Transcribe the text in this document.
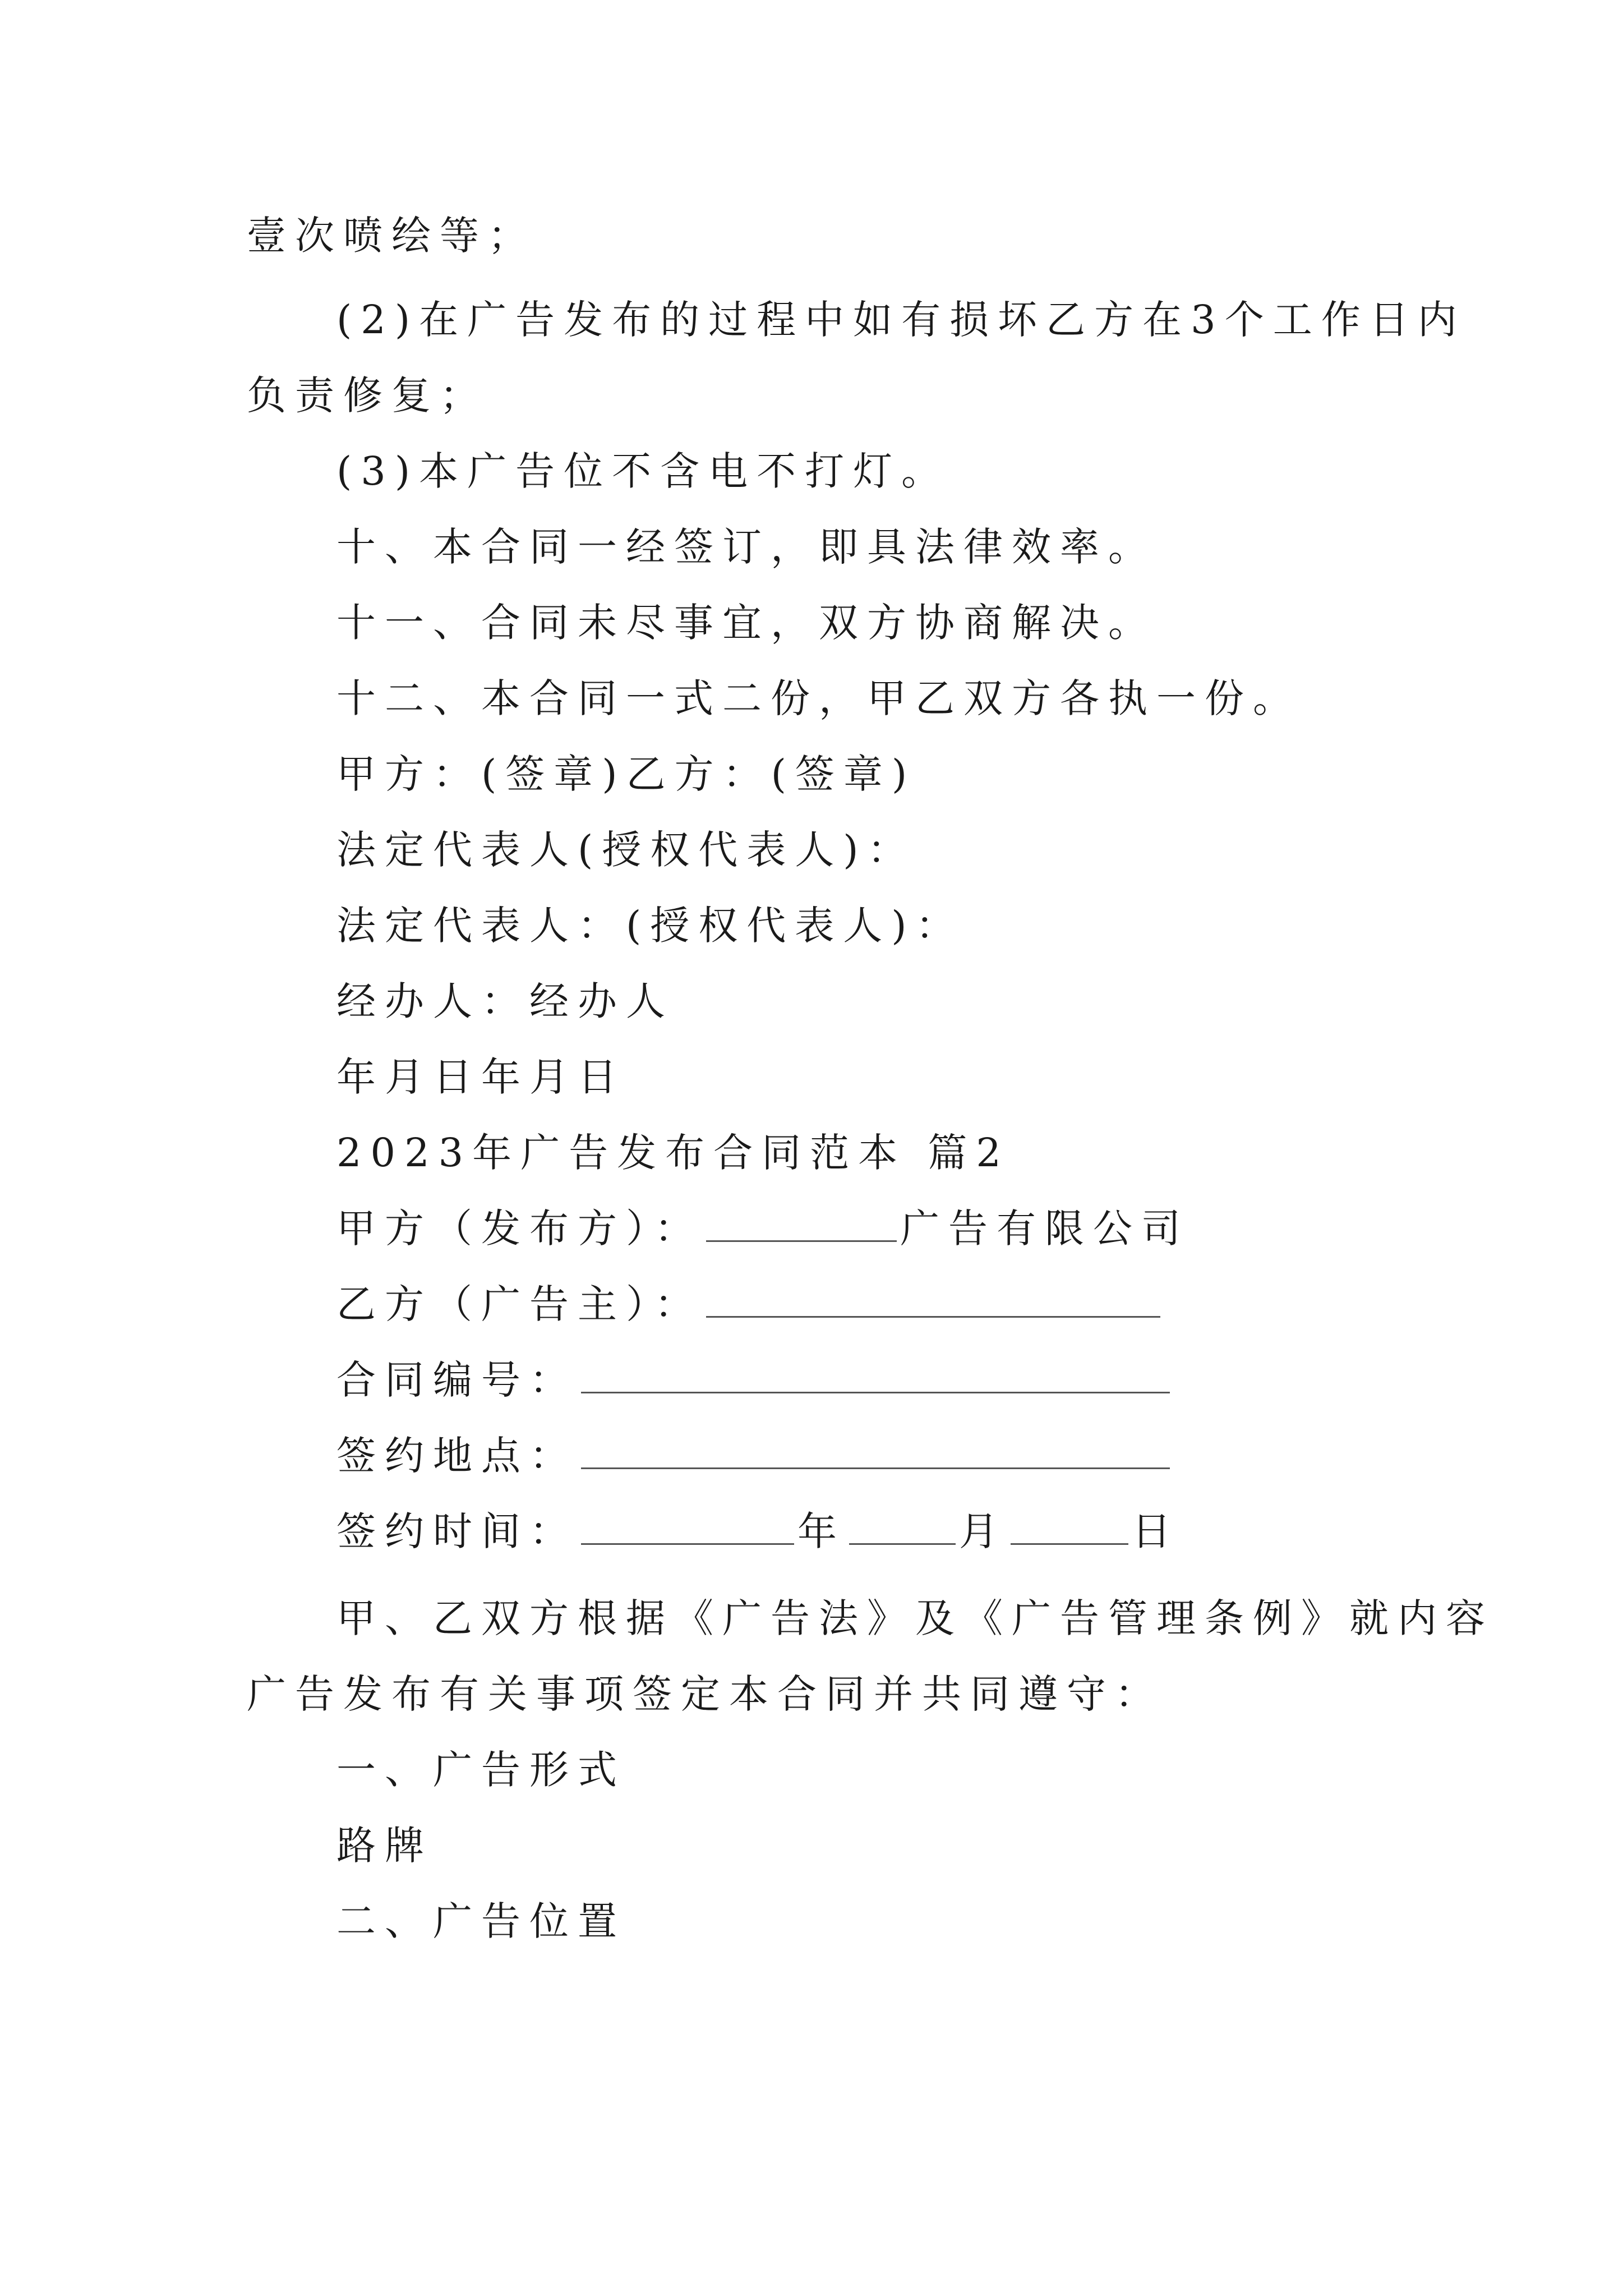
壹次喷绘等；
(2)在广告发布的过程中如有损坏乙方在3个工作日内
负责修复；
(3)本广告位不含电不打灯。
十、本合同一经签订，即具法律效率。
十一、合同未尽事宜，双方协商解决。
十二、本合同一式二份，甲乙双方各执一份。
甲方：(签章)乙方：(签章)
法定代表人(授权代表人)：
法定代表人：(授权代表人)：
经办人：经办人
年月日年月日
2023年广告发布合同范本 篇2
甲方（发布方）：	广告有限公司
乙方（广告主）：
合同编号：
签约地点：
签约时间：	年	月	日
甲、乙双方根据《广告法》及《广告管理条例》就内容
广告发布有关事项签定本合同并共同遵守：
一、广告形式
路牌
二、广告位置
